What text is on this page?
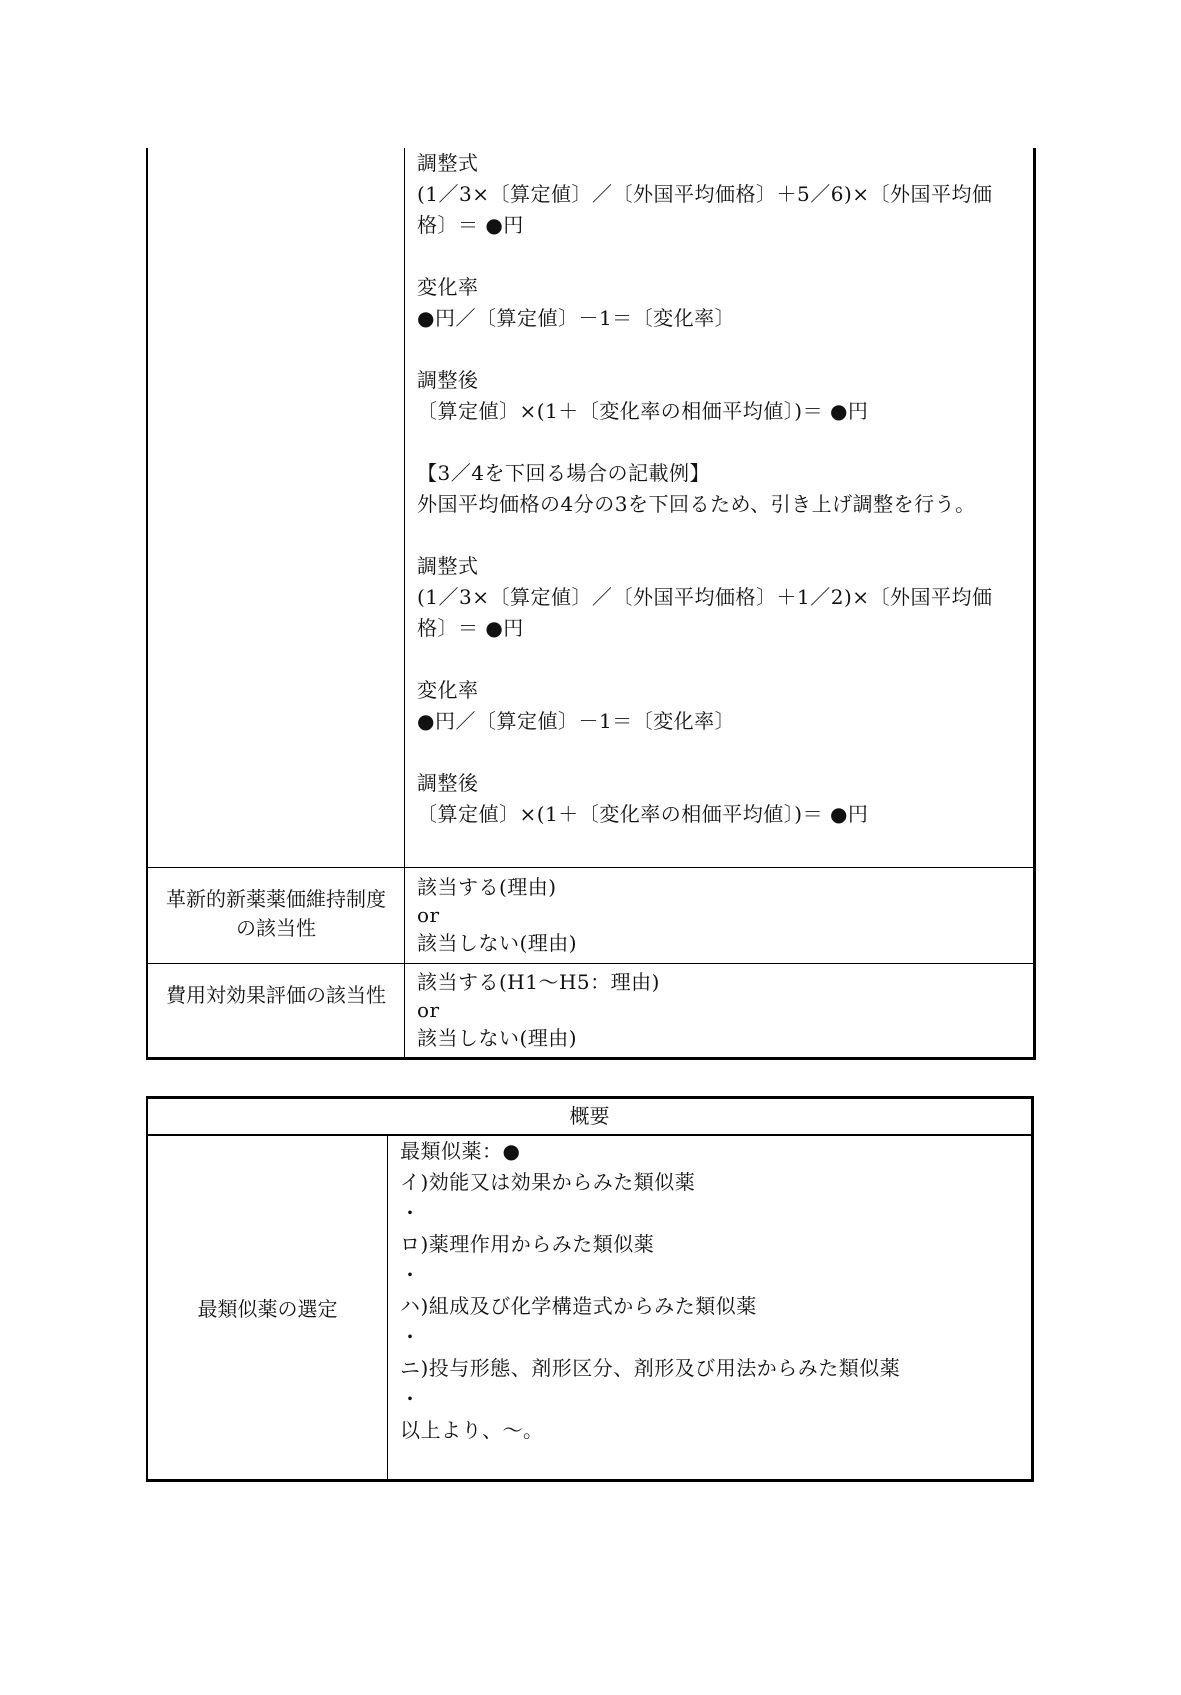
調整式
(1／3×〔算定値〕／〔外国平均価格〕＋5／6)×〔外国平均価
格〕＝ ●円
変化率
●円／〔算定値〕－1＝〔変化率〕
調整後
〔算定値〕×(1＋〔変化率の相価平均値〕)＝ ●円
【3／4を下回る場合の記載例】
外国平均価格の4分の3を下回るため、引き上げ調整を行う。
調整式
(1／3×〔算定値〕／〔外国平均価格〕＋1／2)×〔外国平均価
格〕＝ ●円
変化率
●円／〔算定値〕－1＝〔変化率〕
調整後
〔算定値〕×(1＋〔変化率の相価平均値〕)＝ ●円
革新的新薬薬価維持制度の該当性
該当する(理由)
or
該当しない(理由)
費用対効果評価の該当性
該当する(H1～H5：理由)
or
該当しない(理由)
概要
最類似薬の選定
最類似薬：●
イ)効能又は効果からみた類似薬
・
ロ)薬理作用からみた類似薬
・
ハ)組成及び化学構造式からみた類似薬
・
ニ)投与形態、剤形区分、剤形及び用法からみた類似薬
・
以上より、～。
